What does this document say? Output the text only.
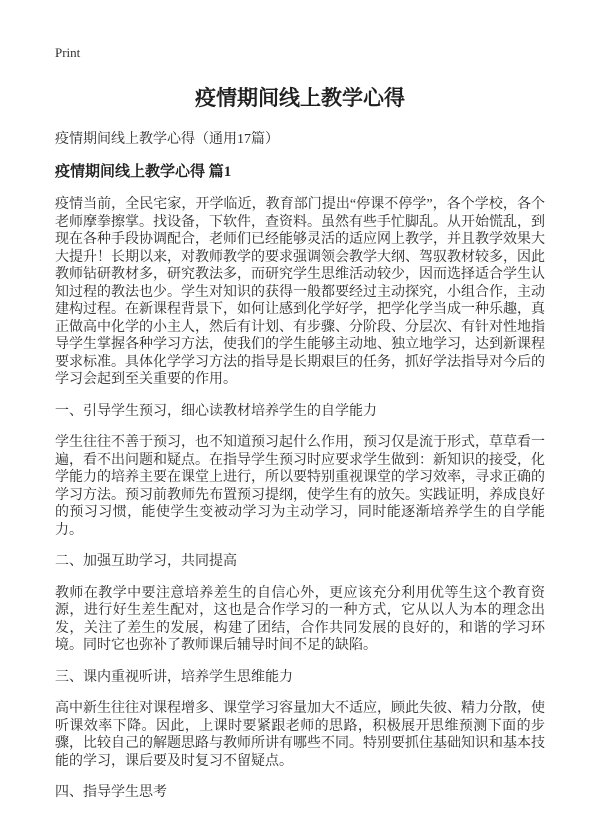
Print
疫情期间线上教学心得
疫情期间线上教学心得（通用17篇）
疫情期间线上教学心得 篇1

疫情当前，全民宅家，开学临近，教育部门提出“停课不停学”，各个学校，各个老师摩拳擦掌。找设备，下软件，查资料。虽然有些手忙脚乱。从开始慌乱，到现在各种手段协调配合，老师们已经能够灵活的适应网上教学，并且教学效果大大提升！长期以来，对教师教学的要求强调领会教学大纲、驾驭教材较多，因此教师钻研教材多，研究教法多，而研究学生思维活动较少，因而选择适合学生认知过程的教法也少。学生对知识的获得一般都要经过主动探究，小组合作，主动建构过程。在新课程背景下，如何让感到化学好学，把学化学当成一种乐趣，真正做高中化学的小主人，然后有计划、有步骤、分阶段、分层次、有针对性地指导学生掌握各种学习方法，使我们的学生能够主动地、独立地学习，达到新课程要求标准。具体化学学习方法的指导是长期艰巨的任务，抓好学法指导对今后的学习会起到至关重要的作用。

一、引导学生预习，细心读教材培养学生的自学能力

学生往往不善于预习，也不知道预习起什么作用，预习仅是流于形式，草草看一遍，看不出问题和疑点。在指导学生预习时应要求学生做到：新知识的接受，化学能力的培养主要在课堂上进行，所以要特别重视课堂的学习效率，寻求正确的学习方法。预习前教师先布置预习提纲，使学生有的放矢。实践证明，养成良好的预习习惯，能使学生变被动学习为主动学习，同时能逐渐培养学生的自学能力。

二、加强互助学习，共同提高

教师在教学中要注意培养差生的自信心外，更应该充分利用优等生这个教育资源，进行好生差生配对，这也是合作学习的一种方式，它从以人为本的理念出发，关注了差生的发展，构建了团结，合作共同发展的良好的，和谐的学习环境。同时它也弥补了教师课后辅导时间不足的缺陷。

三、课内重视听讲，培养学生思维能力

高中新生往往对课程增多、课堂学习容量加大不适应，顾此失彼、精力分散，使听课效率下降。因此，上课时要紧跟老师的思路，积极展开思维预测下面的步骤，比较自己的解题思路与教师所讲有哪些不同。特别要抓住基础知识和基本技能的学习，课后要及时复习不留疑点。

四、指导学生思考
